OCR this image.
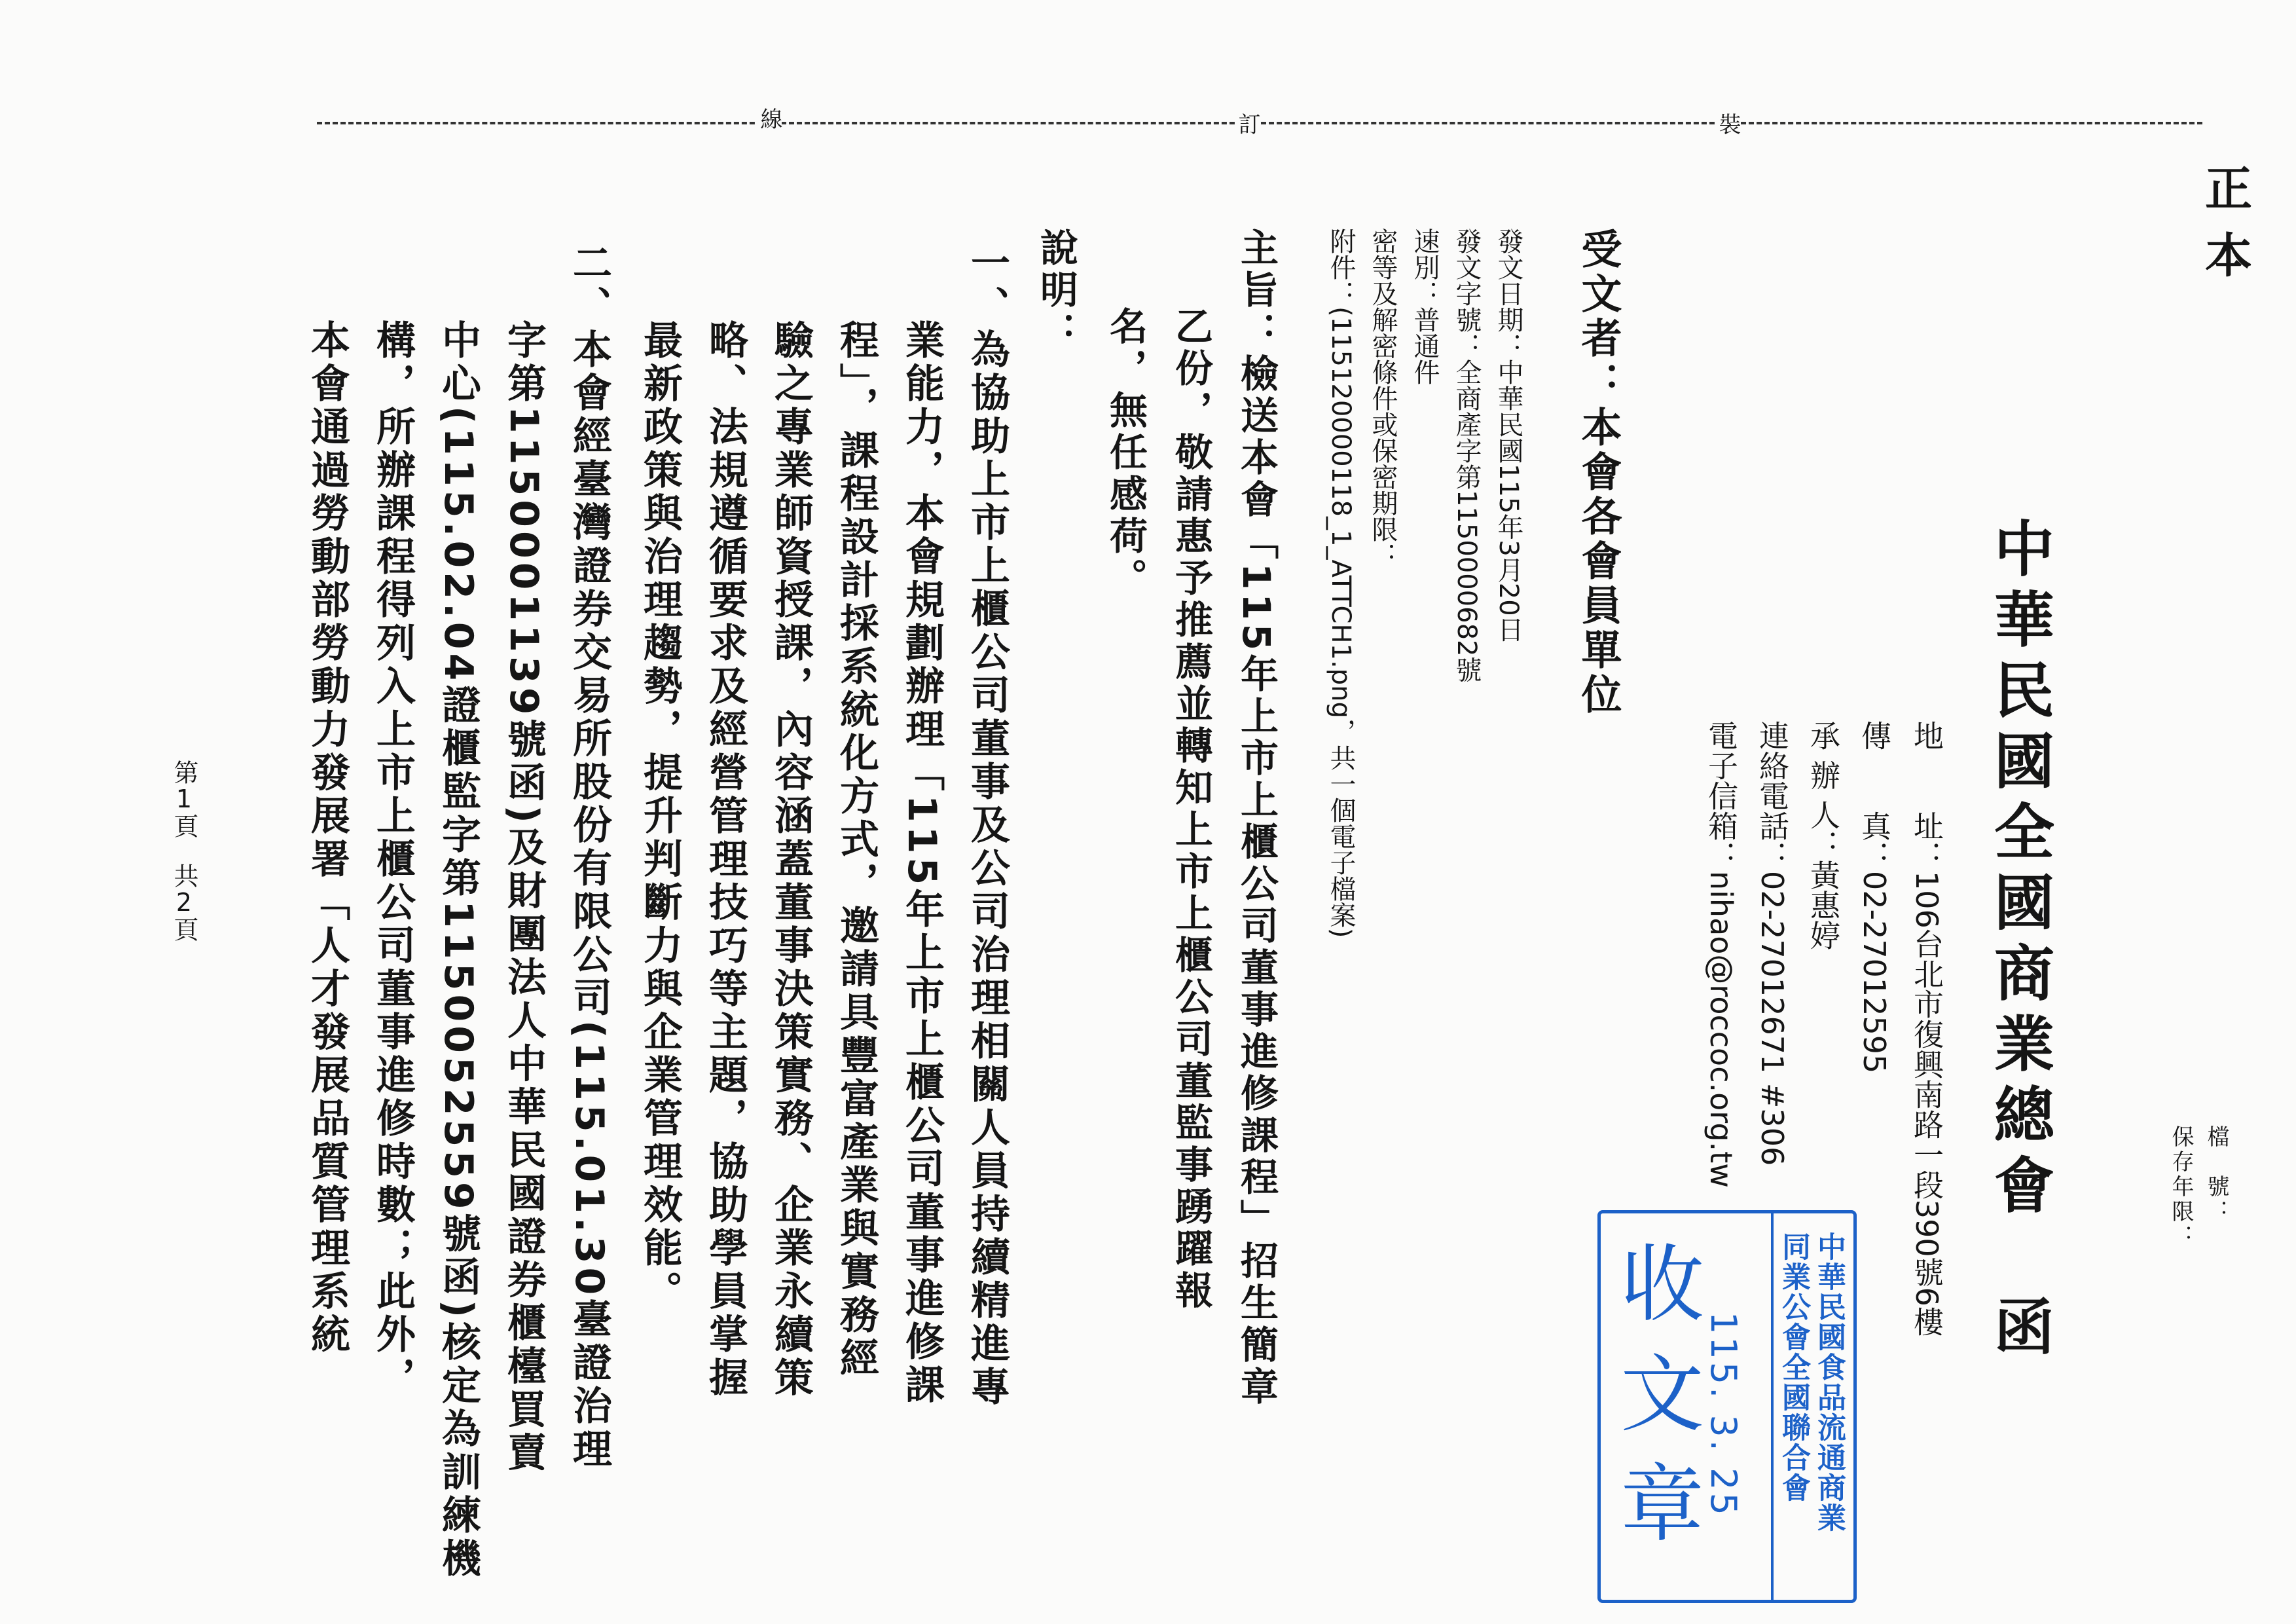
裝
訂
線
正本
檔　號：
保存年限：
中華民國全國商業總會　函
地　　址：106台北市復興南路一段390號6樓
傳　　真：02-27012595
承 辦 人：黃惠婷
連絡電話：02-27012671 #306
電子信箱：nihao@roccoc.org.tw
受文者：本會各會員單位
發文日期：中華民國115年3月20日
發文字號：全商產字第1150000682號
速別：普通件
密等及解密條件或保密期限：
附件：(115120000118_1_ATTCH1.png，共一個電子檔案)
主旨：檢送本會「115年上市上櫃公司董事進修課程」招生簡章
乙份，敬請惠予推薦並轉知上市上櫃公司董監事踴躍報
名，無任感荷。
說明：
一、為協助上市上櫃公司董事及公司治理相關人員持續精進專
業能力，本會規劃辦理「115年上市上櫃公司董事進修課
程」，課程設計採系統化方式，邀請具豐富產業與實務經
驗之專業師資授課，內容涵蓋董事決策實務、企業永續策
略、法規遵循要求及經營管理技巧等主題，協助學員掌握
最新政策與治理趨勢，提升判斷力與企業管理效能。
二、本會經臺灣證券交易所股份有限公司(115.01.30臺證治理
字第1150001139號函)及財團法人中華民國證券櫃檯買賣
中心(115.02.04證櫃監字第1150052559號函)核定為訓練機
構，所辦課程得列入上市上櫃公司董事進修時數；此外，
本會通過勞動部勞動力發展署「人才發展品質管理系統
第1頁　共2頁
中華民國食品流通商業
同業公會全國聯合會
115. 3. 25
收文章
